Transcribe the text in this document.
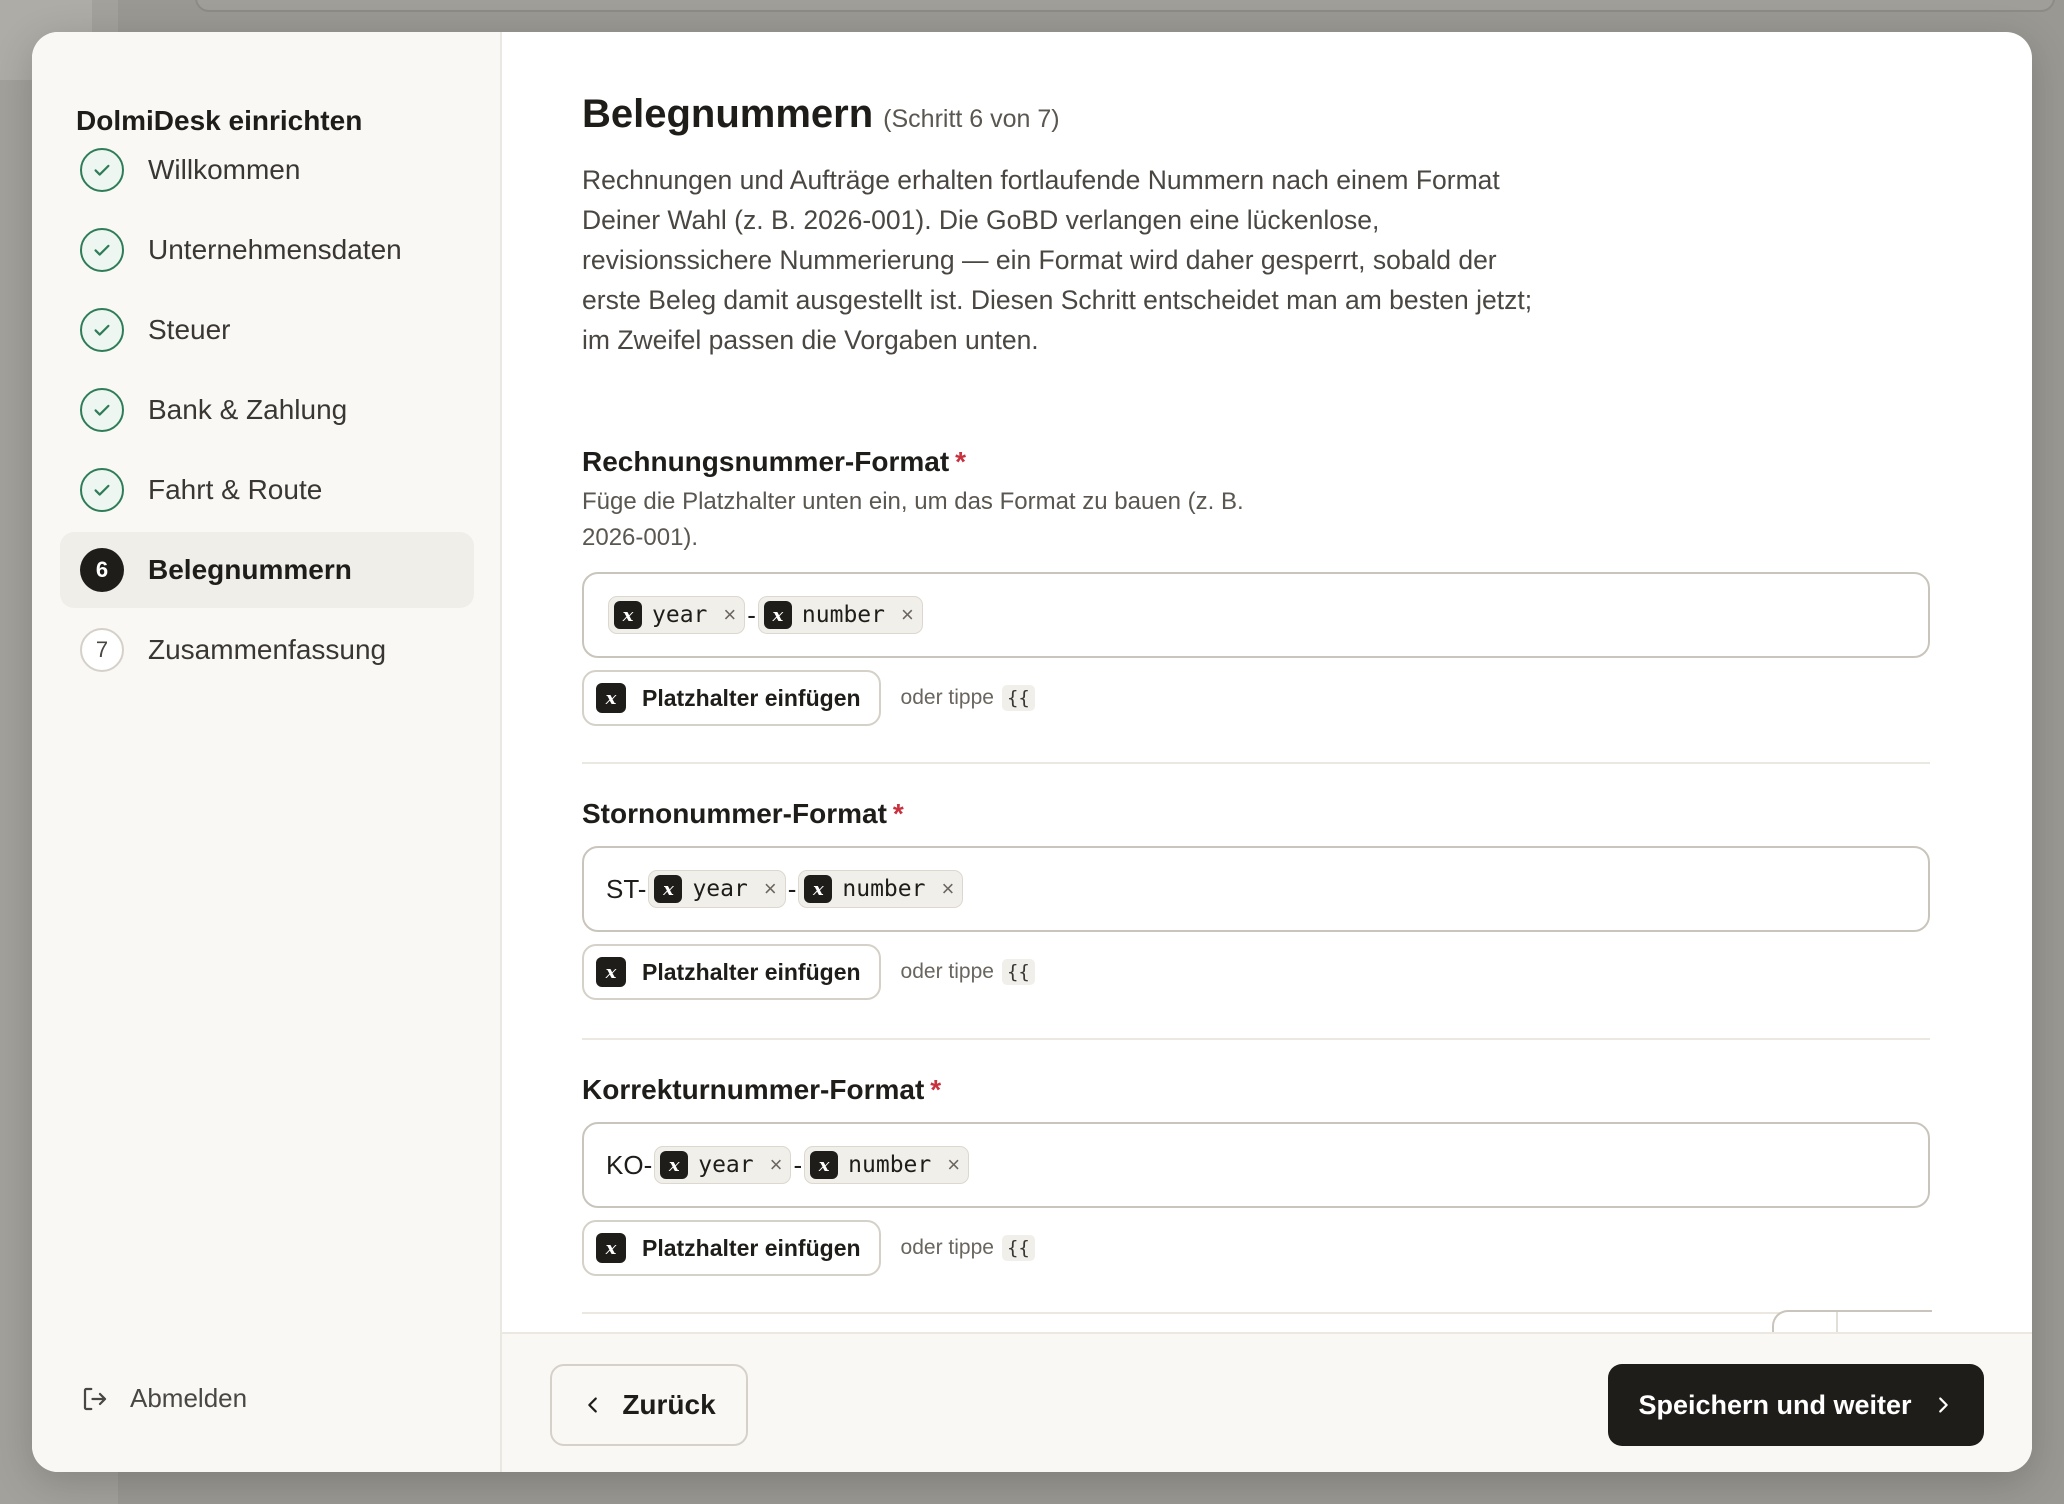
DolmiDesk einrichten
Willkommen
Unternehmensdaten
Steuer
Bank & Zahlung
Fahrt & Route
6	Belegnummern
7	Zusammenfassung
Abmelden
Belegnummern (Schritt 6 von 7)

Rechnungen und Aufträge erhalten fortlaufende Nummern nach einem Format Deiner Wahl (z. B. 2026-001). Die GoBD verlangen eine lückenlose, revisionssichere Nummerierung — ein Format wird daher gesperrt, sobald der erste Beleg damit ausgestellt ist. Diesen Schritt entscheidet man am besten jetzt; im Zweifel passen die Vorgaben unten.

Rechnungsnummer-Format *
Füge die Platzhalter unten ein, um das Format zu bauen (z. B. 2026-001).
x year × - x number ×
x	Platzhalter einfügen oder tippe {{
Stornonummer-Format *
ST- x year × - x number ×
x	Platzhalter einfügen oder tippe {{
Korrekturnummer-Format *
KO- x year × - x number ×
x	Platzhalter einfügen oder tippe {{
Zurück	Speichern und weiter
